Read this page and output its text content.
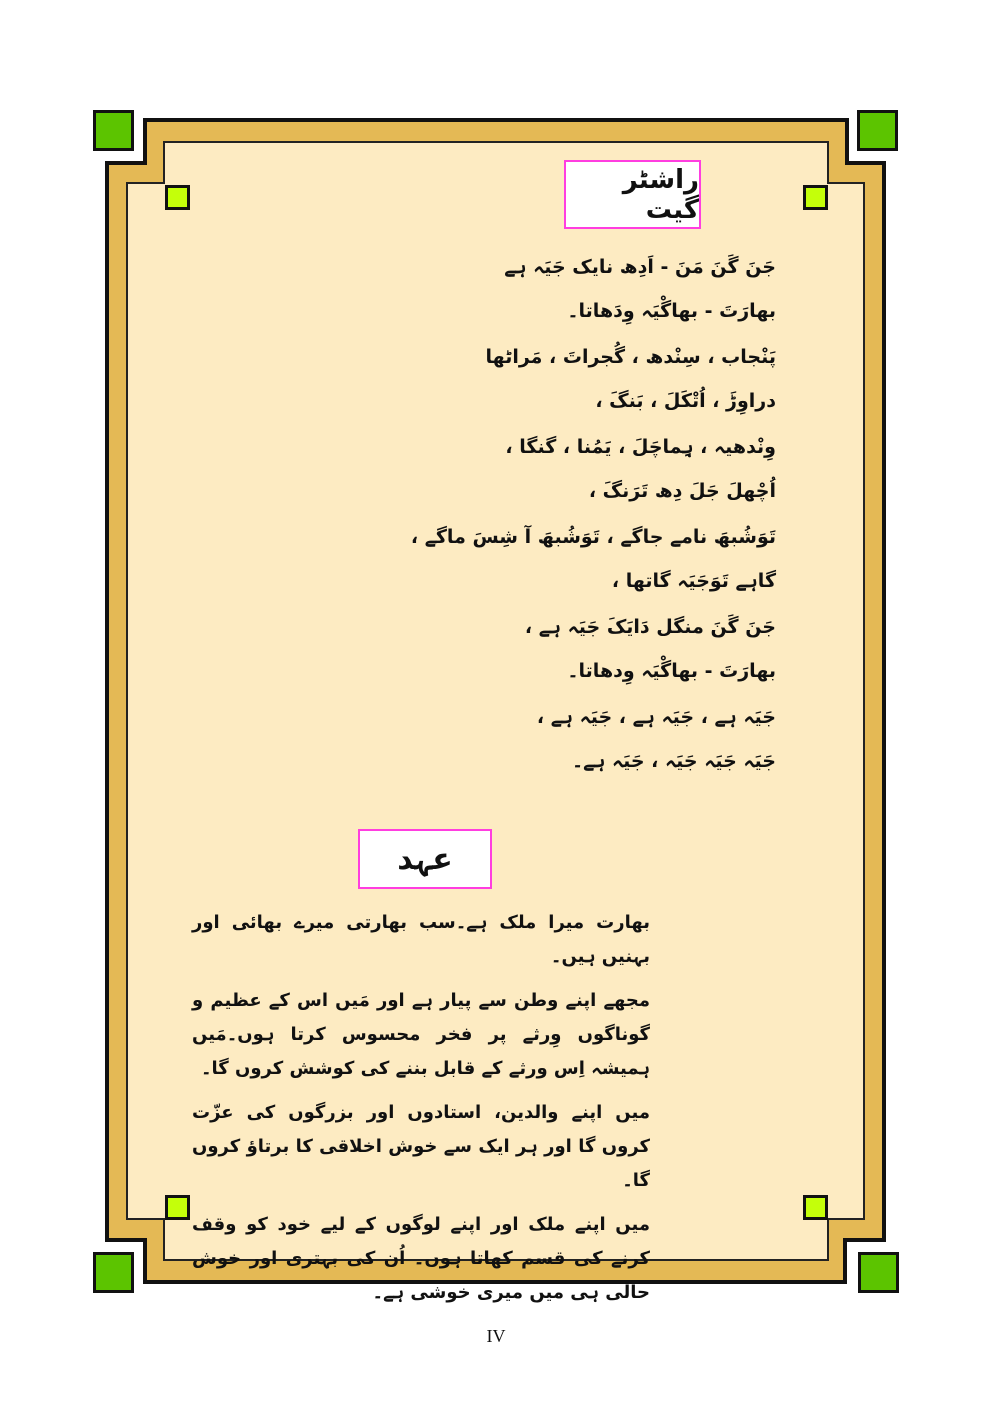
راشٹر گیت
جَنَ گَنَ مَنَ - اَدِھ نایک جَیَہ ہے
بھارَتَ - بھاگْیَہ وِدَھاتا۔
پَنْجاب ، سِنْدھ ، گُجراتَ ، مَراٹھا
دراوِڑَ ، اُتْکَلَ ، بَنگَ ،
وِنْدھیہ ، ہِماچَلَ ، یَمُنا ، گنگا ،
اُچْھلَ جَلَ دِھ تَرَنگَ ،
تَوَشُبھَ نامے جاگے ، تَوَشُبھَ آ شِسَ ماگے ،
گاہے تَوَجَیَہ گاتھا ،
جَنَ گَنَ منگل دَایَکَ جَیَہ ہے ،
بھارَتَ - بھاگْیَہ وِدھاتا۔
جَیَہ ہے ، جَیَہ ہے ، جَیَہ ہے ،
جَیَہ جَیَہ جَیَہ ، جَیَہ ہے۔
عہد
بھارت میرا ملک ہے۔سب بھارتی میرے بھائی اور بہنیں ہیں۔
مجھے اپنے وطن سے پیار ہے اور مَیں اس کے عظیم و گوناگوں وِرثے پر فخر محسوس کرتا ہوں۔مَیں ہمیشہ اِس ورثے کے قابل بننے کی کوشش کروں گا۔
میں اپنے والدین، استادوں اور بزرگوں کی عزّت کروں گا اور ہر ایک سے خوش اخلاقی کا برتاؤ کروں گا۔
میں اپنے ملک اور اپنے لوگوں کے لیے خود کو وقف کرنے کی قسم کھاتا ہوں۔ اُن کی بہتری اور خوش حالی ہی میں میری خوشی ہے۔
IV
